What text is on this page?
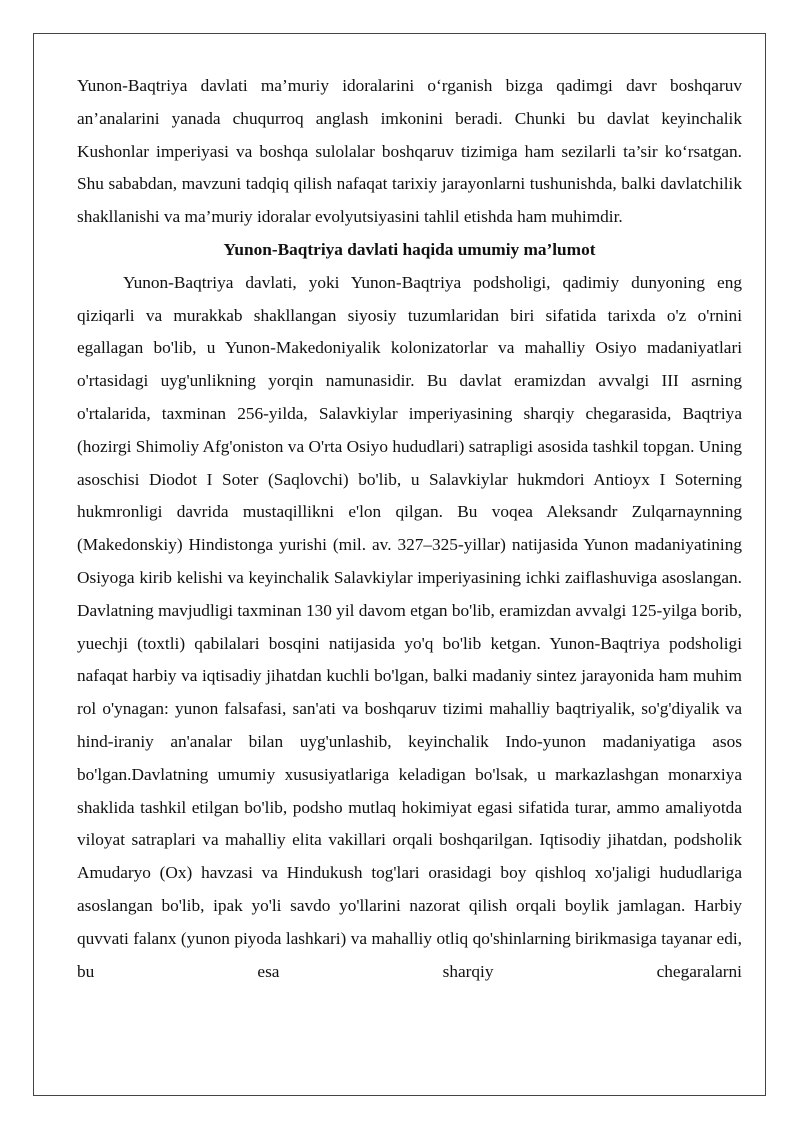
Yunon-Baqtriya davlati ma’muriy idoralarini o‘rganish bizga qadimgi davr boshqaruv an’analarini yanada chuqurroq anglash imkonini beradi. Chunki bu davlat keyinchalik Kushonlar imperiyasi va boshqa sulolalar boshqaruv tizimiga ham sezilarli ta’sir ko‘rsatgan. Shu sababdan, mavzuni tadqiq qilish nafaqat tarixiy jarayonlarni tushunishda, balki davlatchilik shakllanishi va ma’muriy idoralar evolyutsiyasini tahlil etishda ham muhimdir.

Yunon-Baqtriya davlati haqida umumiy ma’lumot

Yunon-Baqtriya davlati, yoki Yunon-Baqtriya podsholigi, qadimiy dunyoning eng qiziqarli va murakkab shakllangan siyosiy tuzumlaridan biri sifatida tarixda o'z o'rnini egallagan bo'lib, u Yunon-Makedoniyalik kolonizatorlar va mahalliy Osiyo madaniyatlari o'rtasidagi uyg'unlikning yorqin namunasidir. Bu davlat eramizdan avvalgi III asrning o'rtalarida, taxminan 256-yilda, Salavkiylar imperiyasining sharqiy chegarasida, Baqtriya (hozirgi Shimoliy Afg'oniston va O'rta Osiyo hududlari) satrapligi asosida tashkil topgan. Uning asoschisi Diodot I Soter (Saqlovchi) bo'lib, u Salavkiylar hukmdori Antioyx I Soterning hukmronligi davrida mustaqillikni e'lon qilgan. Bu voqea Aleksandr Zulqarnaynning (Makedonskiy) Hindistonga yurishi (mil. av. 327–325-yillar) natijasida Yunon madaniyatining Osiyoga kirib kelishi va keyinchalik Salavkiylar imperiyasining ichki zaiflashuviga asoslangan. Davlatning mavjudligi taxminan 130 yil davom etgan bo'lib, eramizdan avvalgi 125-yilga borib, yuechji (toxtli) qabilalari bosqini natijasida yo'q bo'lib ketgan. Yunon-Baqtriya podsholigi nafaqat harbiy va iqtisadiy jihatdan kuchli bo'lgan, balki madaniy sintez jarayonida ham muhim rol o'ynagan: yunon falsafasi, san'ati va boshqaruv tizimi mahalliy baqtriyalik, so'g'diyalik va hind-iraniy an'analar bilan uyg'unlashib, keyinchalik Indo-yunon madaniyatiga asos bo'lgan.Davlatning umumiy xususiyatlariga keladigan bo'lsak, u markazlashgan monarxiya shaklida tashkil etilgan bo'lib, podsho mutlaq hokimiyat egasi sifatida turar, ammo amaliyotda viloyat satraplari va mahalliy elita vakillari orqali boshqarilgan. Iqtisodiy jihatdan, podsholik Amudaryo (Ox) havzasi va Hindukush tog'lari orasidagi boy qishloq xo'jaligi hududlariga asoslangan bo'lib, ipak yo'li savdo yo'llarini nazorat qilish orqali boylik jamlagan. Harbiy quvvati falanx (yunon piyoda lashkari) va mahalliy otliq qo'shinlarning birikmasiga tayanar edi, bu esa sharqiy chegaralarni
